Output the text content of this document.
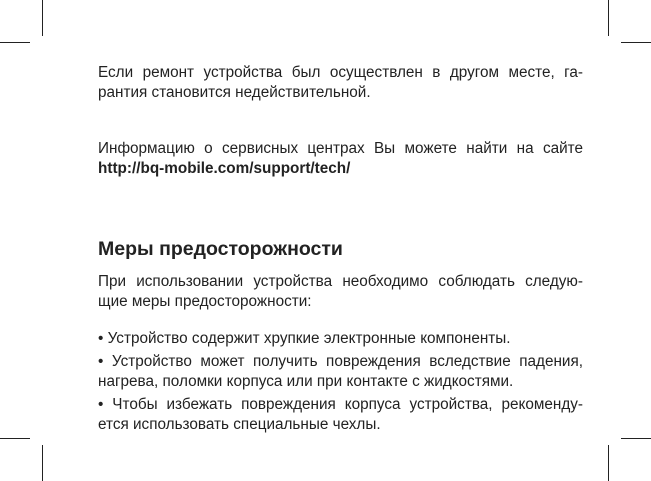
Если ремонт устройства был осуществлен в другом месте, га-
рантия становится недействительной.

Информацию о сервисных центрах Вы можете найти на сайте
http://bq-mobile.com/support/tech/

Меры предосторожности

При использовании устройства необходимо соблюдать следую-
щие меры предосторожности:

• Устройство содержит хрупкие электронные компоненты.

• Устройство может получить повреждения вследствие падения,
нагрева, поломки корпуса или при контакте с жидкостями.

• Чтобы избежать повреждения корпуса устройства, рекоменду-
ется использовать специальные чехлы.
